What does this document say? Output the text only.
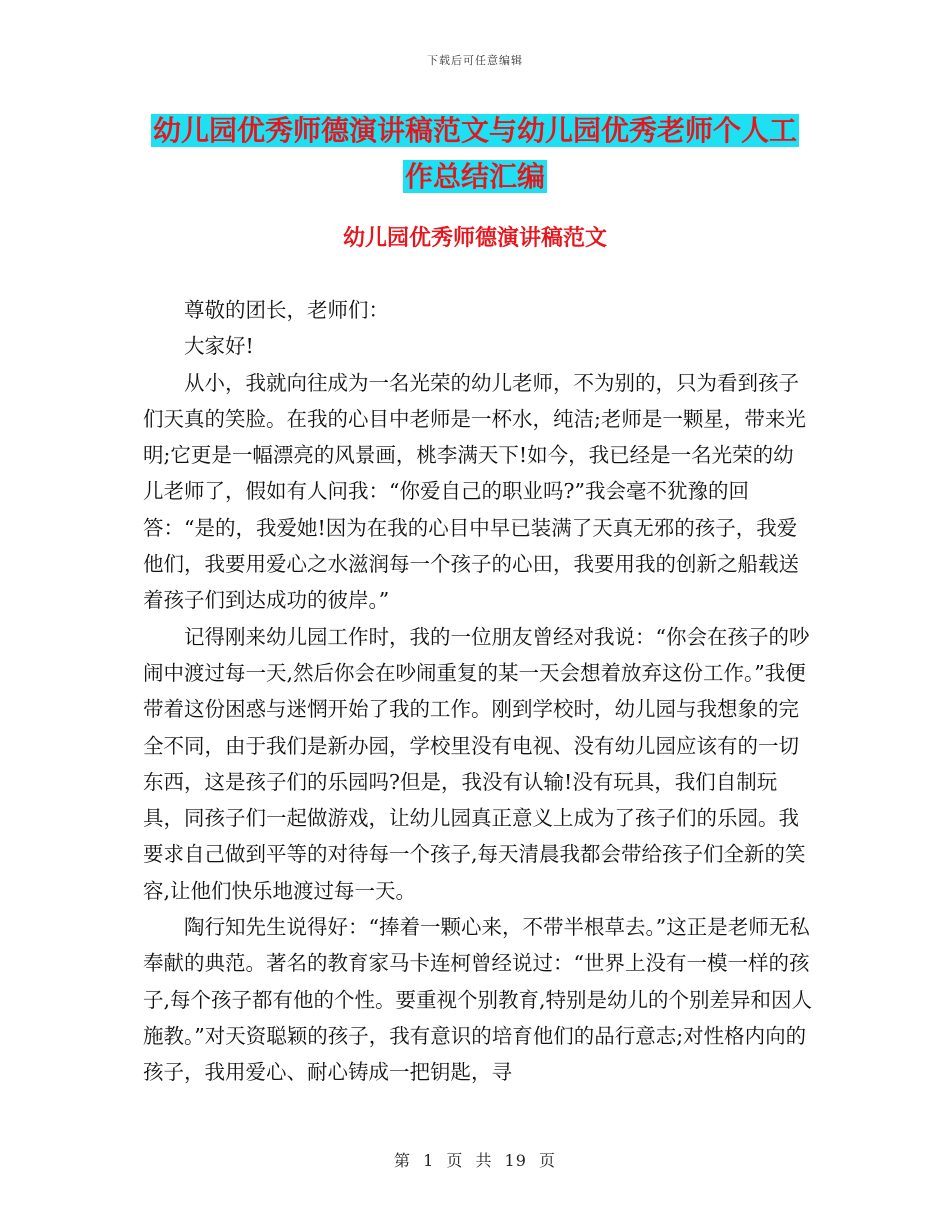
下载后可任意编辑
幼儿园优秀师德演讲稿范文与幼儿园优秀老师个人工
作总结汇编
幼儿园优秀师德演讲稿范文

尊敬的团长，老师们：

大家好!

从小，我就向往成为一名光荣的幼儿老师，不为别的，只为看到孩子们天真的笑脸。在我的心目中老师是一杯水，纯洁;老师是一颗星，带来光明;它更是一幅漂亮的风景画，桃李满天下!如今，我已经是一名光荣的幼儿老师了，假如有人问我：“你爱自己的职业吗?”我会毫不犹豫的回答：“是的，我爱她!因为在我的心目中早已装满了天真无邪的孩子，我爱他们，我要用爱心之水滋润每一个孩子的心田，我要用我的创新之船载送着孩子们到达成功的彼岸。”

记得刚来幼儿园工作时，我的一位朋友曾经对我说：“你会在孩子的吵闹中渡过每一天,然后你会在吵闹重复的某一天会想着放弃这份工作。”我便带着这份困惑与迷惘开始了我的工作。刚到学校时，幼儿园与我想象的完全不同，由于我们是新办园，学校里没有电视、没有幼儿园应该有的一切东西，这是孩子们的乐园吗?但是，我没有认输!没有玩具，我们自制玩具，同孩子们一起做游戏，让幼儿园真正意义上成为了孩子们的乐园。我要求自己做到平等的对待每一个孩子,每天清晨我都会带给孩子们全新的笑容,让他们快乐地渡过每一天。

陶行知先生说得好：“捧着一颗心来，不带半根草去。”这正是老师无私奉献的典范。著名的教育家马卡连柯曾经说过：“世界上没有一模一样的孩子,每个孩子都有他的个性。要重视个别教育,特别是幼儿的个别差异和因人施教。”对天资聪颖的孩子，我有意识的培育他们的品行意志;对性格内向的孩子，我用爱心、耐心铸成一把钥匙，寻

第 1 页 共 19 页
